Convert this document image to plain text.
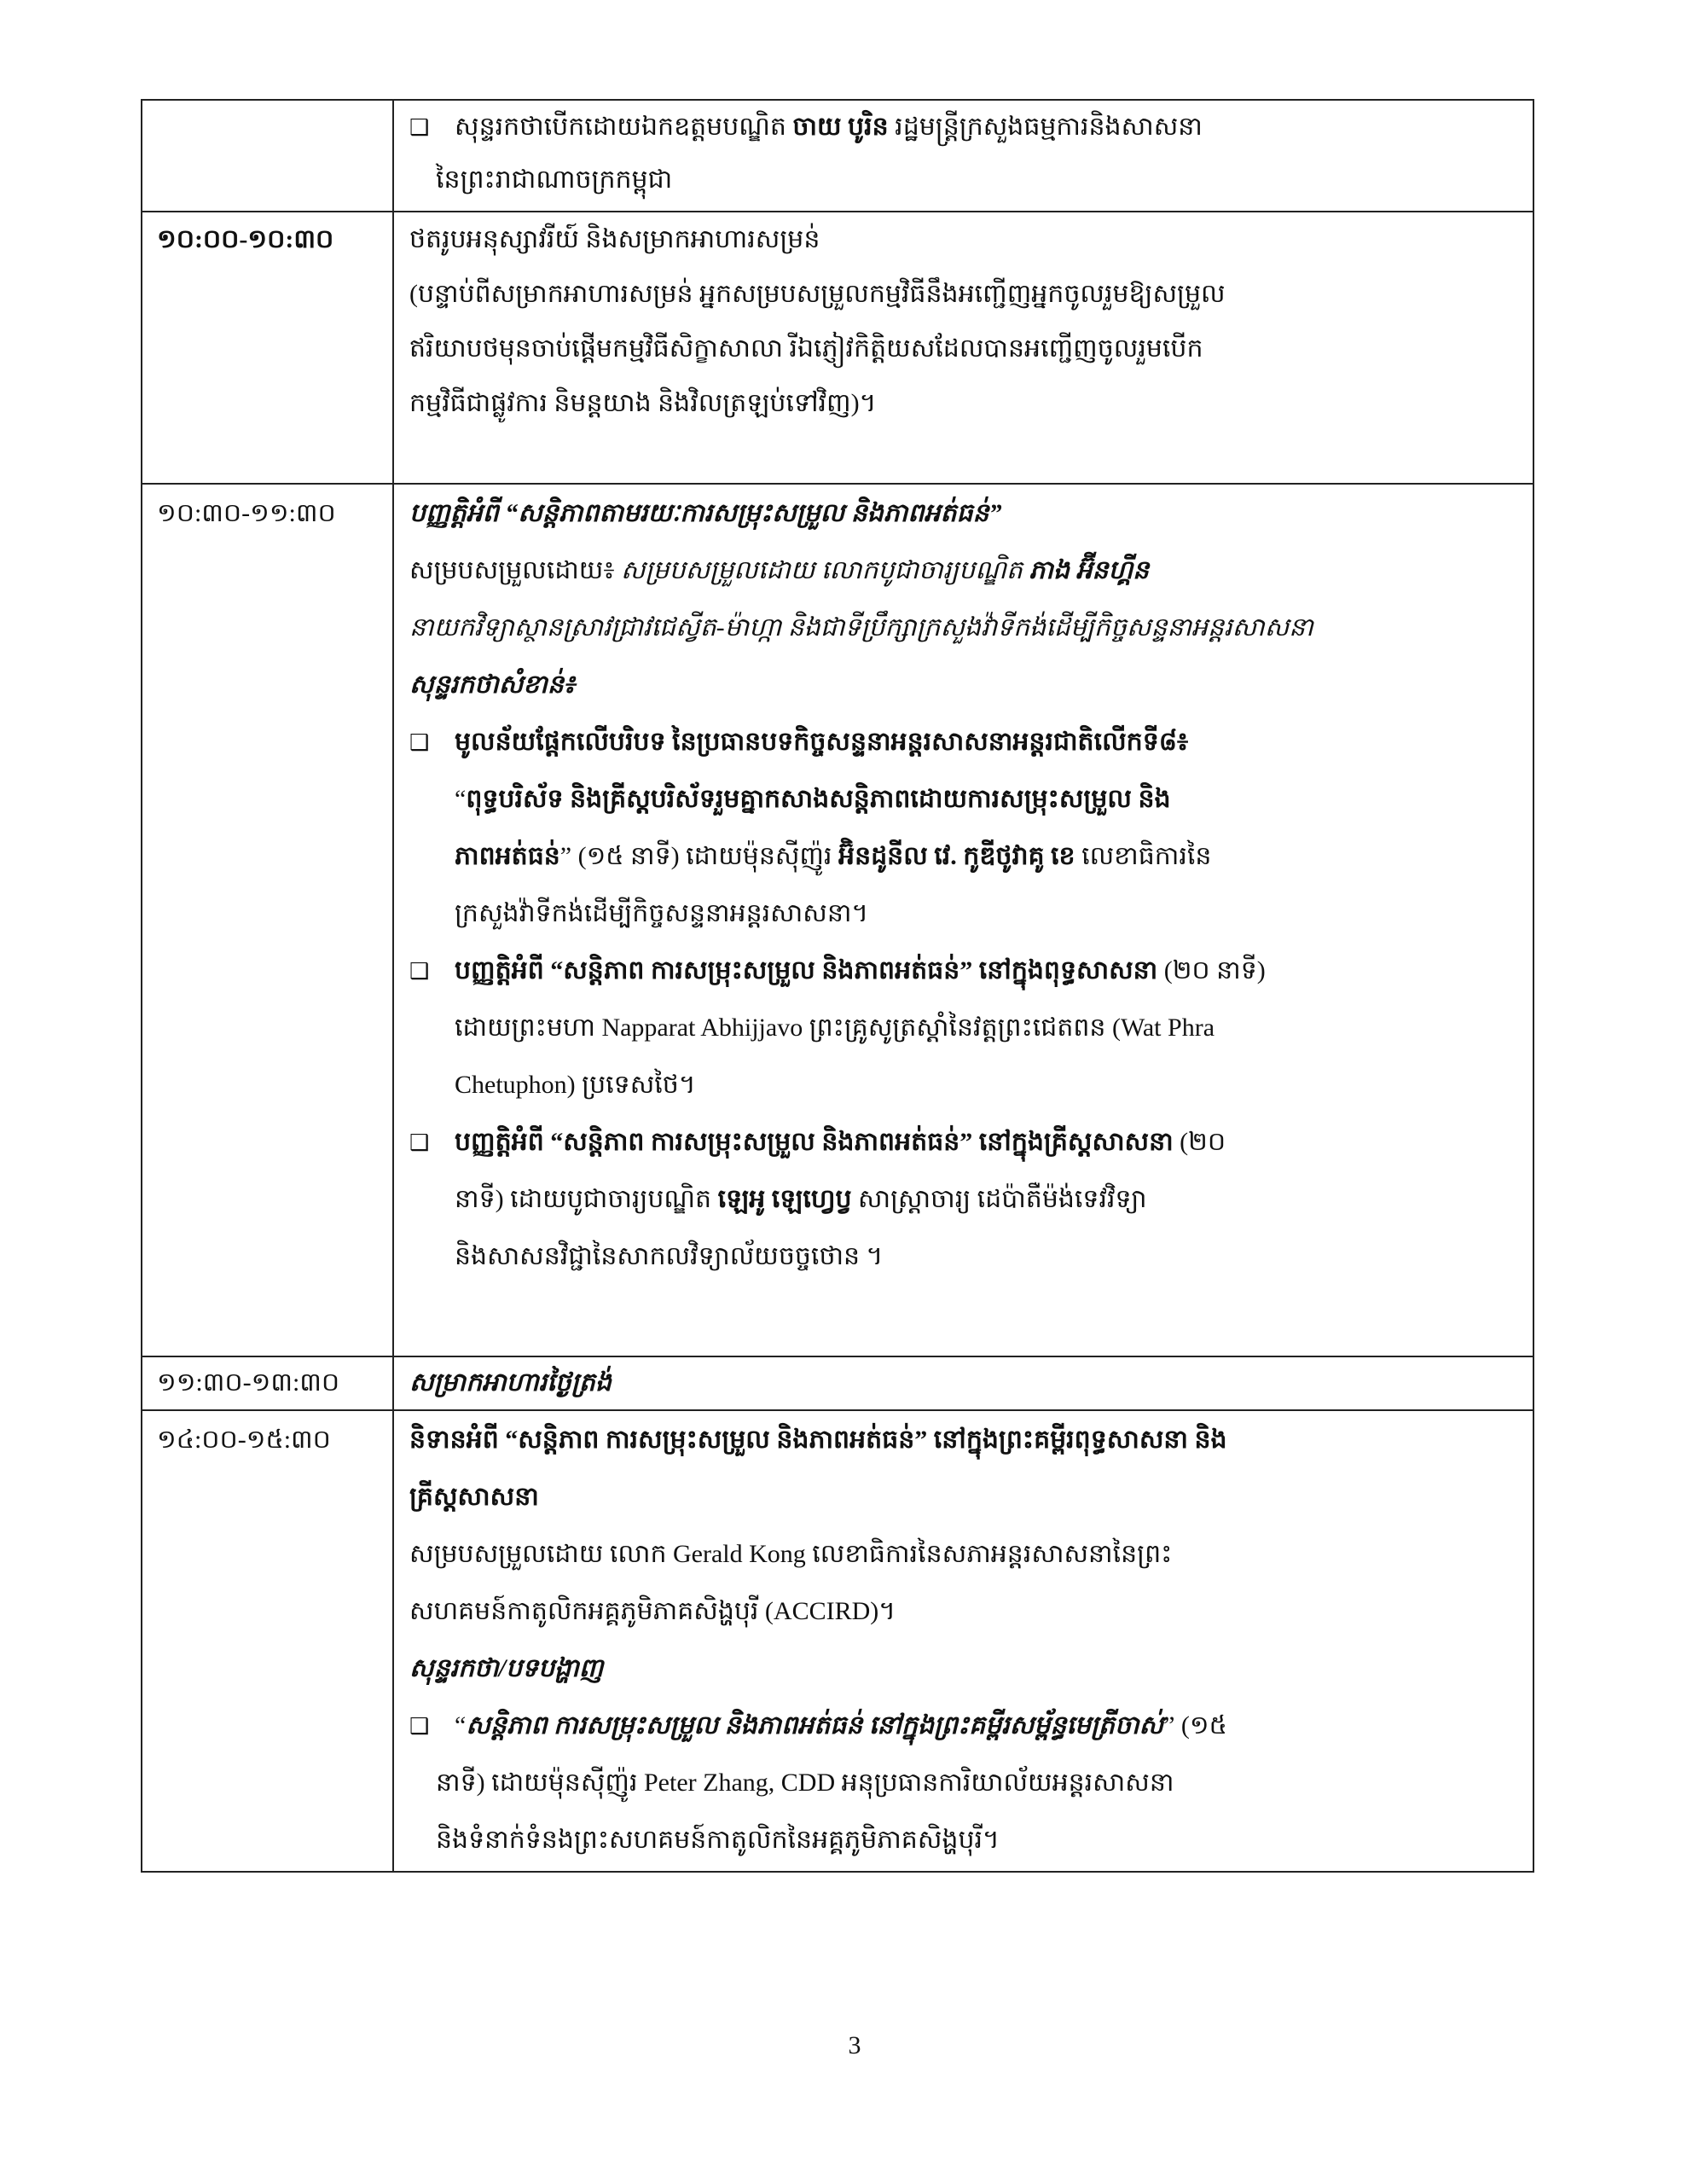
❑ សុន្ទរកថាបើកដោយឯកឧត្តមបណ្ឌិត ចាយ បូរិន រដ្ឋមន្ត្រីក្រសួងធម្មការនិងសាសនា
នៃព្រះរាជាណាចក្រកម្ពុជា
១០:០០-១០:៣០	ថតរូបអនុស្សាវរីយ៍ និងសម្រាកអាហារសម្រន់
(បន្ទាប់ពីសម្រាកអាហារសម្រន់ អ្នកសម្របសម្រួលកម្មវិធីនឹងអញ្ជើញអ្នកចូលរួមឱ្យសម្រួល
ឥរិយាបថមុនចាប់ផ្តើមកម្មវិធីសិក្ខាសាលា រីឯភ្ញៀវកិត្តិយសដែលបានអញ្ជើញចូលរួមបើក
កម្មវិធីជាផ្លូវការ និមន្តយាង និងវិលត្រឡប់ទៅវិញ)។
១០:៣០-១១:៣០	បញ្ញត្តិអំពី “សន្តិភាពតាមរយៈការសម្រុះសម្រួល និងភាពអត់ធន់”
សម្របសម្រួលដោយ៖ សម្របសម្រួលដោយ លោកបូជាចារ្យបណ្ឌិត ភាង អ៊ីនហ្គីន
នាយកវិទ្យាស្ថានស្រាវជ្រាវជេស្វីត-ម៉ាហ្កា និងជាទីប្រឹក្សាក្រសួងវ៉ាទីកង់ដើម្បីកិច្ចសន្ទនាអន្តរសាសនា
សុន្ទរកថាសំខាន់៖
❑ មូលន័យផ្តែកលើបរិបទ នៃប្រធានបទកិច្ចសន្ទនាអន្តរសាសនាអន្តរជាតិលើកទី៨៖
“ពុទ្ធបរិស័ទ និងគ្រីស្តបរិស័ទរួមគ្នាកសាងសន្តិភាពដោយការសម្រុះសម្រួល និង
ភាពអត់ធន់” (១៥ នាទី) ដោយម៉ុនស៊ីញ៉ូរ អ៊ិនដូនីល វេ. កូឌីថូវាគូ ខេ លេខាធិការនៃ
ក្រសួងវ៉ាទីកង់ដើម្បីកិច្ចសន្ទនាអន្តរសាសនា។
❑ បញ្ញត្តិអំពី “សន្តិភាព ការសម្រុះសម្រួល និងភាពអត់ធន់” នៅក្នុងពុទ្ធសាសនា (២០ នាទី)
ដោយព្រះមហា Napparat Abhijjavo ព្រះគ្រូសូត្រស្តាំនៃវត្តព្រះជេតពន (Wat Phra
Chetuphon) ប្រទេសថៃ។
❑ បញ្ញត្តិអំពី “សន្តិភាព ការសម្រុះសម្រួល និងភាពអត់ធន់” នៅក្នុងគ្រីស្តសាសនា (២០
នាទី) ដោយបូជាចារ្យបណ្ឌិត ឡេអូ ឡេហ្វេប្វ សាស្ត្រាចារ្យ ដេប៉ាតឺម៉ង់ទេវវិទ្យា
និងសាសនវិជ្ជានៃសាកលវិទ្យាល័យចច្ចថោន ។
១១:៣០-១៣:៣០	សម្រាកអាហារថ្ងៃត្រង់
១៤:០០-១៥:៣០	និទានអំពី “សន្តិភាព ការសម្រុះសម្រួល និងភាពអត់ធន់” នៅក្នុងព្រះគម្ពីរពុទ្ធសាសនា និង
គ្រីស្តសាសនា
សម្របសម្រួលដោយ លោក Gerald Kong លេខាធិការនៃសភាអន្តរសាសនានៃព្រះ
សហគមន៍កាតូលិកអគ្គភូមិភាគសិង្ហបុរី (ACCIRD)។
សុន្ទរកថា/បទបង្ហាញ
❑ “សន្តិភាព ការសម្រុះសម្រួល និងភាពអត់ធន់ នៅក្នុងព្រះគម្ពីរសម្ព័ន្ធមេត្រីចាស់” (១៥
នាទី) ដោយម៉ុនស៊ីញ៉ូរ Peter Zhang, CDD អនុប្រធានការិយាល័យអន្តរសាសនា
និងទំនាក់ទំនងព្រះសហគមន៍កាតូលិកនៃអគ្គភូមិភាគសិង្ហបុរី។
3
